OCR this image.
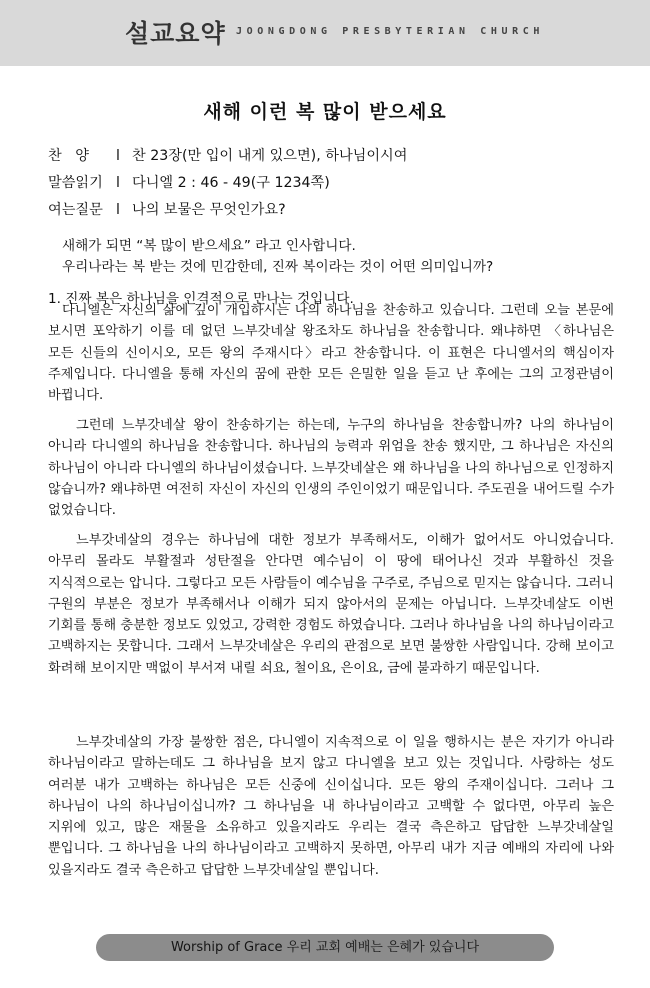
설교요약 JOONGDONG PRESBYTERIAN CHURCH
새해 이런 복 많이 받으세요
찬   양 l 찬 23장(만 입이 내게 있으면), 하나님이시여
말씀읽기 l 다니엘 2 : 46 - 49(구 1234쪽)
여는질문 l 나의 보물은 무엇인가요?
새해가 되면 “복 많이 받으세요” 라고 인사합니다.
우리나라는 복 받는 것에 민감한데, 진짜 복이라는 것이 어떤 의미입니까?
1. 진짜 복은 하나님을 인격적으로 만나는 것입니다.

다니엘은 자신의 삶에 깊이 개입하시는 나의 하나님을 찬송하고 있습니다. 그런데 오늘 본문에 보시면 포악하기 이를 데 없던 느부갓네살 왕조차도 하나님을 찬송합니다. 왜냐하면 〈하나님은 모든 신들의 신이시오, 모든 왕의 주재시다〉라고 찬송합니다. 이 표현은 다니엘서의 핵심이자 주제입니다. 다니엘을 통해 자신의 꿈에 관한 모든 은밀한 일을 듣고 난 후에는 그의 고정관념이 바뀝니다.

그런데 느부갓네살 왕이 찬송하기는 하는데, 누구의 하나님을 찬송합니까? 나의 하나님이 아니라 다니엘의 하나님을 찬송합니다. 하나님의 능력과 위엄을 찬송 했지만, 그 하나님은 자신의 하나님이 아니라 다니엘의 하나님이셨습니다. 느부갓네살은 왜 하나님을 나의 하나님으로 인정하지 않습니까? 왜냐하면 여전히 자신이 자신의 인생의 주인이었기 때문입니다. 주도권을 내어드릴 수가 없었습니다.

느부갓네살의 경우는 하나님에 대한 정보가 부족해서도, 이해가 없어서도 아니었습니다. 아무리 몰라도 부활절과 성탄절을 안다면 예수님이 이 땅에 태어나신 것과 부활하신 것을 지식적으로는 압니다. 그렇다고 모든 사람들이 예수님을 구주로, 주님으로 믿지는 않습니다. 그러니 구원의 부분은 정보가 부족해서나 이해가 되지 않아서의 문제는 아닙니다. 느부갓네살도 이번 기회를 통해 충분한 정보도 있었고, 강력한 경험도 하였습니다. 그러나 하나님을 나의 하나님이라고 고백하지는 못합니다. 그래서 느부갓네살은 우리의 관점으로 보면 불쌍한 사람입니다. 강해 보이고 화려해 보이지만 맥없이 부서져 내릴 쇠요, 철이요, 은이요, 금에 불과하기 때문입니다.

느부갓네살의 가장 불쌍한 점은, 다니엘이 지속적으로 이 일을 행하시는 분은 자기가 아니라 하나님이라고 말하는데도 그 하나님을 보지 않고 다니엘을 보고 있는 것입니다. 사랑하는 성도 여러분 내가 고백하는 하나님은 모든 신중에 신이십니다. 모든 왕의 주재이십니다. 그러나 그 하나님이 나의 하나님이십니까? 그 하나님을 내 하나님이라고 고백할 수 없다면, 아무리 높은 지위에 있고, 많은 재물을 소유하고 있을지라도 우리는 결국 측은하고 답답한 느부갓네살일 뿐입니다. 그 하나님을 나의 하나님이라고 고백하지 못하면, 아무리 내가 지금 예배의 자리에 나와 있을지라도 결국 측은하고 답답한 느부갓네살일 뿐입니다.

Worship of Grace 우리 교회 예배는 은혜가 있습니다
